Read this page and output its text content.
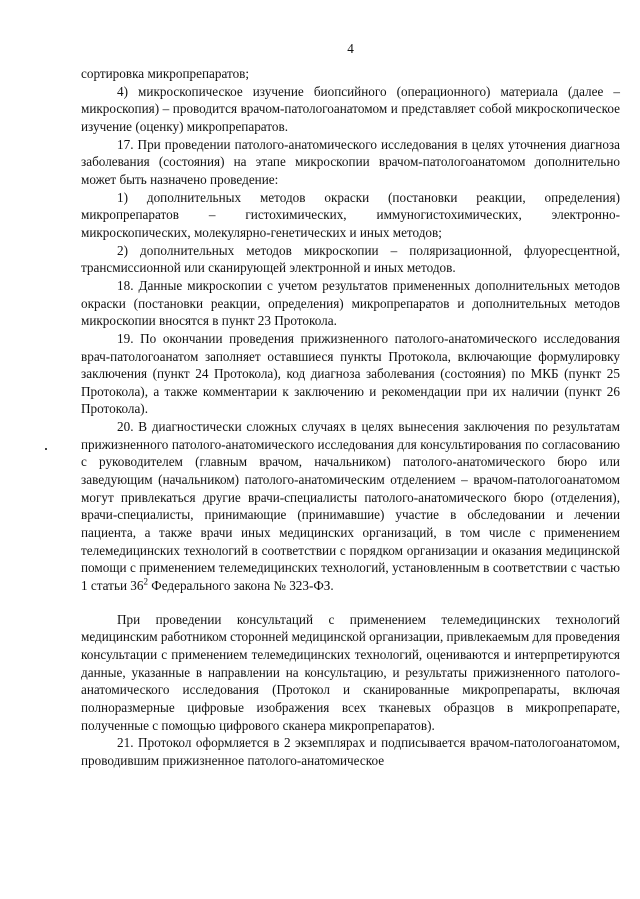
4

сортировка микропрепаратов;

4) микроскопическое изучение биопсийного (операционного) материала (далее – микроскопия) – проводится врачом-патологоанатомом и представляет собой микроскопическое изучение (оценку) микропрепаратов.

17. При проведении патолого-анатомического исследования в целях уточнения диагноза заболевания (состояния) на этапе микроскопии врачом-патологоанатомом дополнительно может быть назначено проведение:

1) дополнительных методов окраски (постановки реакции, определения) микропрепаратов – гистохимических, иммуногистохимических, электронно-микроскопических, молекулярно-генетических и иных методов;

2) дополнительных методов микроскопии – поляризационной, флуоресцентной, трансмиссионной или сканирующей электронной и иных методов.

18. Данные микроскопии с учетом результатов примененных дополнительных методов окраски (постановки реакции, определения) микропрепаратов и дополнительных методов микроскопии вносятся в пункт 23 Протокола.

19. По окончании проведения прижизненного патолого-анатомического исследования врач-патологоанатом заполняет оставшиеся пункты Протокола, включающие формулировку заключения (пункт 24 Протокола), код диагноза заболевания (состояния) по МКБ (пункт 25 Протокола), а также комментарии к заключению и рекомендации при их наличии (пункт 26 Протокола).

20. В диагностически сложных случаях в целях вынесения заключения по результатам прижизненного патолого-анатомического исследования для консультирования по согласованию с руководителем (главным врачом, начальником) патолого-анатомического бюро или заведующим (начальником) патолого-анатомическим отделением – врачом-патологоанатомом могут привлекаться другие врачи-специалисты патолого-анатомического бюро (отделения), врачи-специалисты, принимающие (принимавшие) участие в обследовании и лечении пациента, а также врачи иных медицинских организаций, в том числе с применением телемедицинских технологий в соответствии с порядком организации и оказания медицинской помощи с применением телемедицинских технологий, установленным в соответствии с частью 1 статьи $36^2$ Федерального закона № 323-ФЗ.

При проведении консультаций с применением телемедицинских технологий медицинским работником сторонней медицинской организации, привлекаемым для проведения консультации с применением телемедицинских технологий, оцениваются и интерпретируются данные, указанные в направлении на консультацию, и результаты прижизненного патолого-анатомического исследования (Протокол и сканированные микропрепараты, включая полноразмерные цифровые изображения всех тканевых образцов в микропрепарате, полученные с помощью цифрового сканера микропрепаратов).

21. Протокол оформляется в 2 экземплярах и подписывается врачом-патологоанатомом, проводившим прижизненное патолого-анатомическое
